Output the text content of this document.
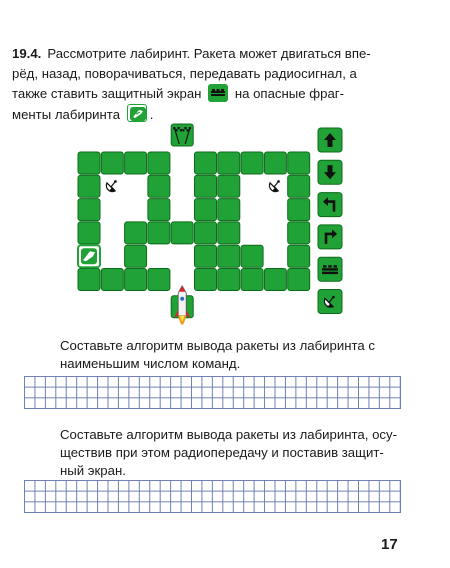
19.4. Рассмотрите лабиринт. Ракета может двигаться впе-
рёд, назад, поворачиваться, передавать радиосигнал, а
также ставить защитный экран	на опасные фраг-
менты лабиринта .
Составьте алгоритм вывода ракеты из лабиринта с
наименьшим числом команд.
Составьте алгоритм вывода ракеты из лабиринта, осу-
ществив при этом радиопередачу и поставив защит-
ный экран.
17
